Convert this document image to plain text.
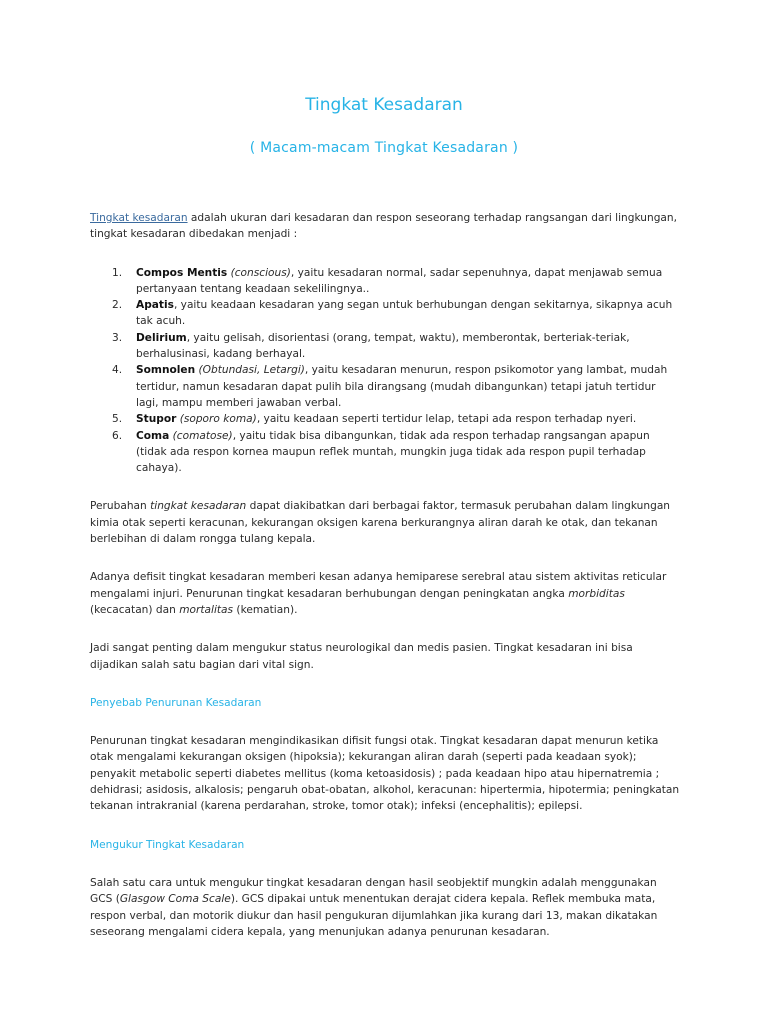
Tingkat Kesadaran
( Macam-macam Tingkat Kesadaran )

Tingkat kesadaran adalah ukuran dari kesadaran dan respon seseorang terhadap rangsangan dari lingkungan, tingkat kesadaran dibedakan menjadi :

1. Compos Mentis (conscious), yaitu kesadaran normal, sadar sepenuhnya, dapat menjawab semua pertanyaan tentang keadaan sekelilingnya..
2. Apatis, yaitu keadaan kesadaran yang segan untuk berhubungan dengan sekitarnya, sikapnya acuh tak acuh.
3. Delirium, yaitu gelisah, disorientasi (orang, tempat, waktu), memberontak, berteriak-teriak, berhalusinasi, kadang berhayal.
4. Somnolen (Obtundasi, Letargi), yaitu kesadaran menurun, respon psikomotor yang lambat, mudah tertidur, namun kesadaran dapat pulih bila dirangsang (mudah dibangunkan) tetapi jatuh tertidur lagi, mampu memberi jawaban verbal.
5. Stupor (soporo koma), yaitu keadaan seperti tertidur lelap, tetapi ada respon terhadap nyeri.
6. Coma (comatose), yaitu tidak bisa dibangunkan, tidak ada respon terhadap rangsangan apapun (tidak ada respon kornea maupun reflek muntah, mungkin juga tidak ada respon pupil terhadap cahaya).

Perubahan tingkat kesadaran dapat diakibatkan dari berbagai faktor, termasuk perubahan dalam lingkungan kimia otak seperti keracunan, kekurangan oksigen karena berkurangnya aliran darah ke otak, dan tekanan berlebihan di dalam rongga tulang kepala.

Adanya defisit tingkat kesadaran memberi kesan adanya hemiparese serebral atau sistem aktivitas reticular mengalami injuri. Penurunan tingkat kesadaran berhubungan dengan peningkatan angka morbiditas (kecacatan) dan mortalitas (kematian).

Jadi sangat penting dalam mengukur status neurologikal dan medis pasien. Tingkat kesadaran ini bisa dijadikan salah satu bagian dari vital sign.

Penyebab Penurunan Kesadaran

Penurunan tingkat kesadaran mengindikasikan difisit fungsi otak. Tingkat kesadaran dapat menurun ketika otak mengalami kekurangan oksigen (hipoksia); kekurangan aliran darah (seperti pada keadaan syok); penyakit metabolic seperti diabetes mellitus (koma ketoasidosis) ; pada keadaan hipo atau hipernatremia ; dehidrasi; asidosis, alkalosis; pengaruh obat-obatan, alkohol, keracunan: hipertermia, hipotermia; peningkatan tekanan intrakranial (karena perdarahan, stroke, tomor otak); infeksi (encephalitis); epilepsi.

Mengukur Tingkat Kesadaran

Salah satu cara untuk mengukur tingkat kesadaran dengan hasil seobjektif mungkin adalah menggunakan GCS (Glasgow Coma Scale). GCS dipakai untuk menentukan derajat cidera kepala. Reflek membuka mata, respon verbal, dan motorik diukur dan hasil pengukuran dijumlahkan jika kurang dari 13, makan dikatakan seseorang mengalami cidera kepala, yang menunjukan adanya penurunan kesadaran.
